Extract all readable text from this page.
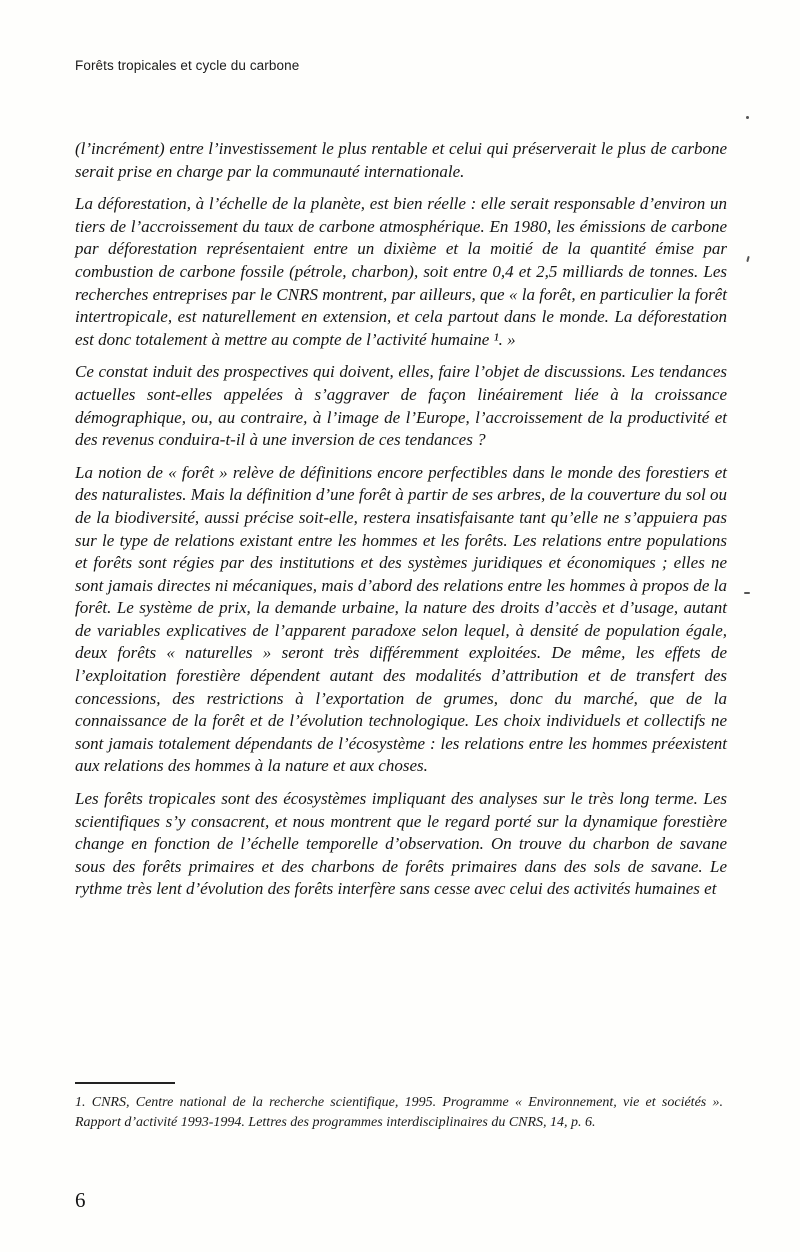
Forêts tropicales et cycle du carbone

(l’incrément) entre l’investissement le plus rentable et celui qui préserverait le plus de carbone serait prise en charge par la communauté internationale.

La déforestation, à l’échelle de la planète, est bien réelle : elle serait responsable d’environ un tiers de l’accroissement du taux de carbone atmosphérique. En 1980, les émissions de carbone par déforestation représentaient entre un dixième et la moitié de la quantité émise par combustion de carbone fossile (pétrole, charbon), soit entre 0,4 et 2,5 milliards de tonnes. Les recherches entreprises par le CNRS montrent, par ailleurs, que « la forêt, en particulier la forêt intertropicale, est naturellement en extension, et cela partout dans le monde. La déforestation est donc totalement à mettre au compte de l’activité humaine ¹. »

Ce constat induit des prospectives qui doivent, elles, faire l’objet de discussions. Les tendances actuelles sont-elles appelées à s’aggraver de façon linéairement liée à la croissance démographique, ou, au contraire, à l’image de l’Europe, l’accroissement de la productivité et des revenus conduira-t-il à une inversion de ces tendances ?

La notion de « forêt » relève de définitions encore perfectibles dans le monde des forestiers et des naturalistes. Mais la définition d’une forêt à partir de ses arbres, de la couverture du sol ou de la biodiversité, aussi précise soit-elle, restera insatisfaisante tant qu’elle ne s’appuiera pas sur le type de relations existant entre les hommes et les forêts. Les relations entre populations et forêts sont régies par des institutions et des systèmes juridiques et économiques ; elles ne sont jamais directes ni mécaniques, mais d’abord des relations entre les hommes à propos de la forêt. Le système de prix, la demande urbaine, la nature des droits d’accès et d’usage, autant de variables explicatives de l’apparent paradoxe selon lequel, à densité de population égale, deux forêts « naturelles » seront très différemment exploitées. De même, les effets de l’exploitation forestière dépendent autant des modalités d’attribution et de transfert des concessions, des restrictions à l’exportation de grumes, donc du marché, que de la connaissance de la forêt et de l’évolution technologique. Les choix individuels et collectifs ne sont jamais totalement dépendants de l’écosystème : les relations entre les hommes préexistent aux relations des hommes à la nature et aux choses.

Les forêts tropicales sont des écosystèmes impliquant des analyses sur le très long terme. Les scientifiques s’y consacrent, et nous montrent que le regard porté sur la dynamique forestière change en fonction de l’échelle temporelle d’observation. On trouve du charbon de savane sous des forêts primaires et des charbons de forêts primaires dans des sols de savane. Le rythme très lent d’évolution des forêts interfère sans cesse avec celui des activités humaines et

1. CNRS, Centre national de la recherche scientifique, 1995. Programme « Environnement, vie et sociétés ». Rapport d’activité 1993-1994. Lettres des programmes interdisciplinaires du CNRS, 14, p. 6.

6
